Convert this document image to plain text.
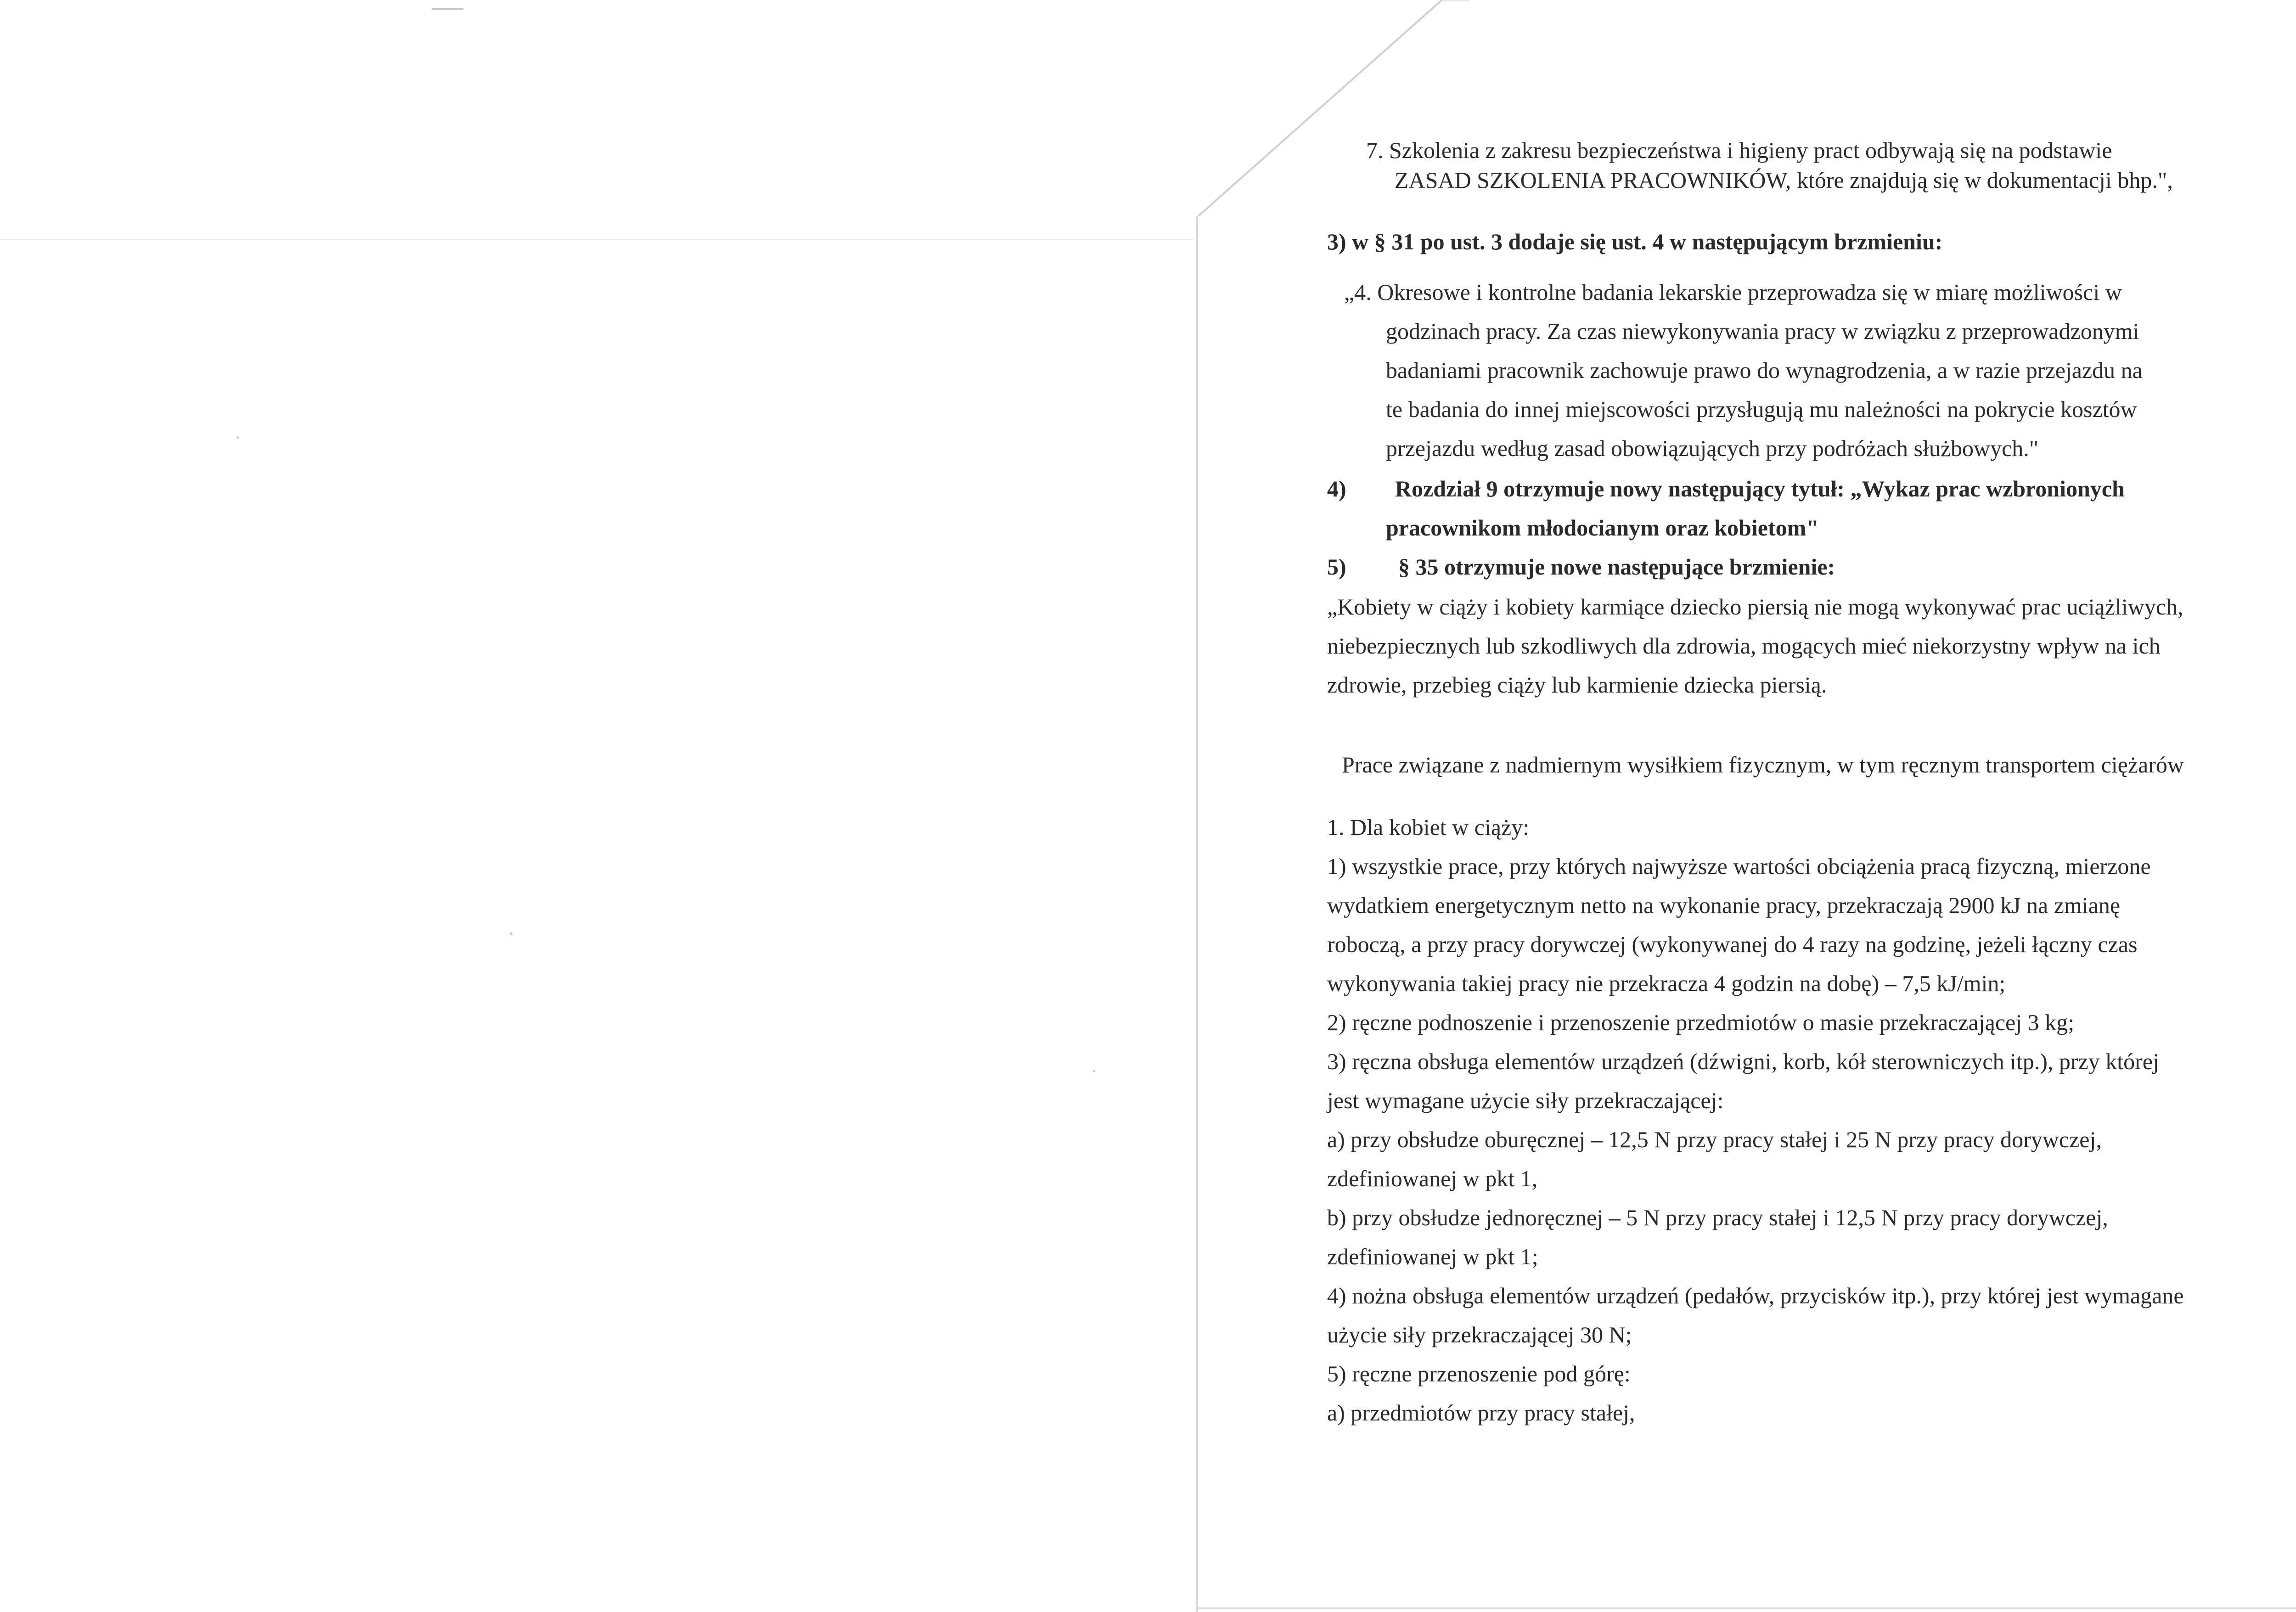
7. Szkolenia z zakresu bezpieczeństwa i higieny pract odbywają się na podstawie
ZASAD SZKOLENIA PRACOWNIKÓW, które znajdują się w dokumentacji bhp.",
3) w § 31 po ust. 3 dodaje się ust. 4 w następującym brzmieniu:
„4. Okresowe i kontrolne badania lekarskie przeprowadza się w miarę możliwości w
godzinach pracy. Za czas niewykonywania pracy w związku z przeprowadzonymi
badaniami pracownik zachowuje prawo do wynagrodzenia, a w razie przejazdu na
te badania do innej miejscowości przysługują mu należności na pokrycie kosztów
przejazdu według zasad obowiązujących przy podróżach służbowych."
4) Rozdział 9 otrzymuje nowy następujący tytuł: „Wykaz prac wzbronionych
pracownikom młodocianym oraz kobietom"
5) § 35 otrzymuje nowe następujące brzmienie:
„Kobiety w ciąży i kobiety karmiące dziecko piersią nie mogą wykonywać prac uciążliwych,
niebezpiecznych lub szkodliwych dla zdrowia, mogących mieć niekorzystny wpływ na ich
zdrowie, przebieg ciąży lub karmienie dziecka piersią.
Prace związane z nadmiernym wysiłkiem fizycznym, w tym ręcznym transportem ciężarów
1. Dla kobiet w ciąży:
1) wszystkie prace, przy których najwyższe wartości obciążenia pracą fizyczną, mierzone
wydatkiem energetycznym netto na wykonanie pracy, przekraczają 2900 kJ na zmianę
roboczą, a przy pracy dorywczej (wykonywanej do 4 razy na godzinę, jeżeli łączny czas
wykonywania takiej pracy nie przekracza 4 godzin na dobę) – 7,5 kJ/min;
2) ręczne podnoszenie i przenoszenie przedmiotów o masie przekraczającej 3 kg;
3) ręczna obsługa elementów urządzeń (dźwigni, korb, kół sterowniczych itp.), przy której
jest wymagane użycie siły przekraczającej:
a) przy obsłudze oburęcznej – 12,5 N przy pracy stałej i 25 N przy pracy dorywczej,
zdefiniowanej w pkt 1,
b) przy obsłudze jednoręcznej – 5 N przy pracy stałej i 12,5 N przy pracy dorywczej,
zdefiniowanej w pkt 1;
4) nożna obsługa elementów urządzeń (pedałów, przycisków itp.), przy której jest wymagane
użycie siły przekraczającej 30 N;
5) ręczne przenoszenie pod górę:
a) przedmiotów przy pracy stałej,
